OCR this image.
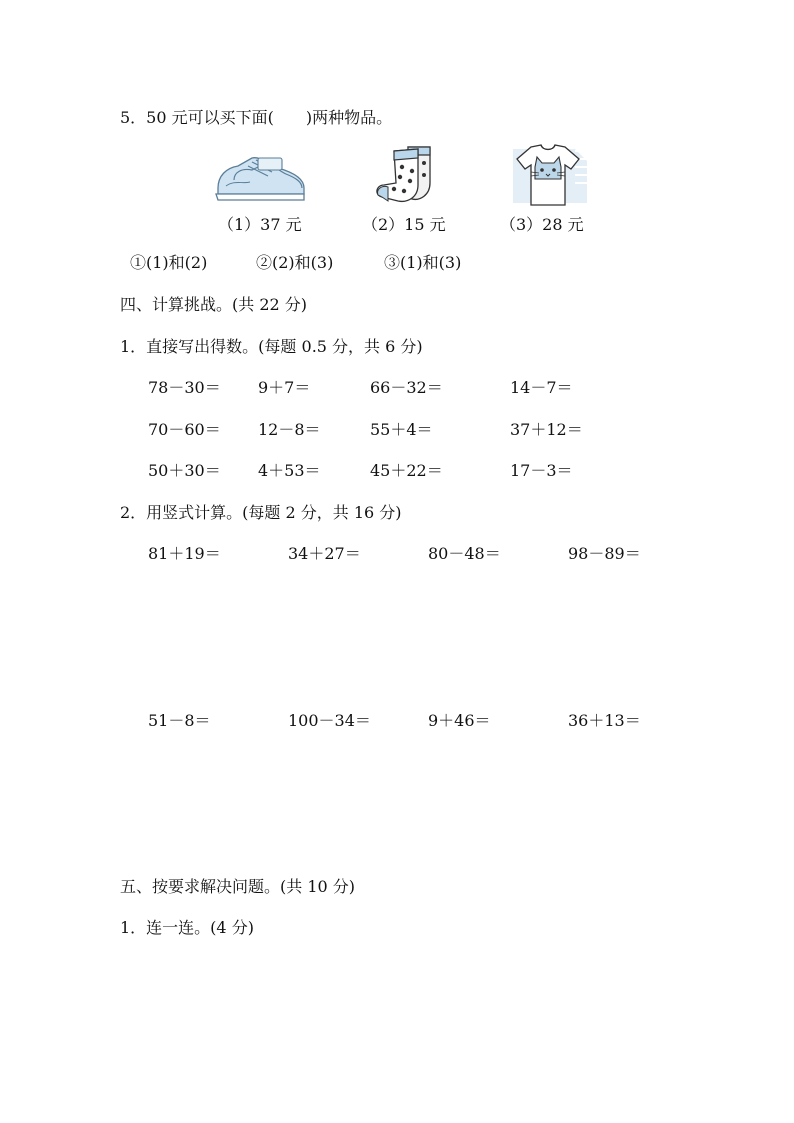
5．50 元可以买下面(　　)两种物品。
（1）37 元	（2）15 元	（3）28 元
①(1)和(2)	②(2)和(3)	③(1)和(3)
四、计算挑战。(共 22 分)
1．直接写出得数。(每题 0.5 分，共 6 分)
78－30＝ 9＋7＝	66－32＝	14－7＝
70－60＝ 12－8＝	55＋4＝	37＋12＝
50＋30＝ 4＋53＝	45＋22＝	17－3＝
2．用竖式计算。(每题 2 分，共 16 分)
81＋19＝	34＋27＝	80－48＝	98－89＝
51－8＝	100－34＝	9＋46＝	36＋13＝
五、按要求解决问题。(共 10 分)
1．连一连。(4 分)
